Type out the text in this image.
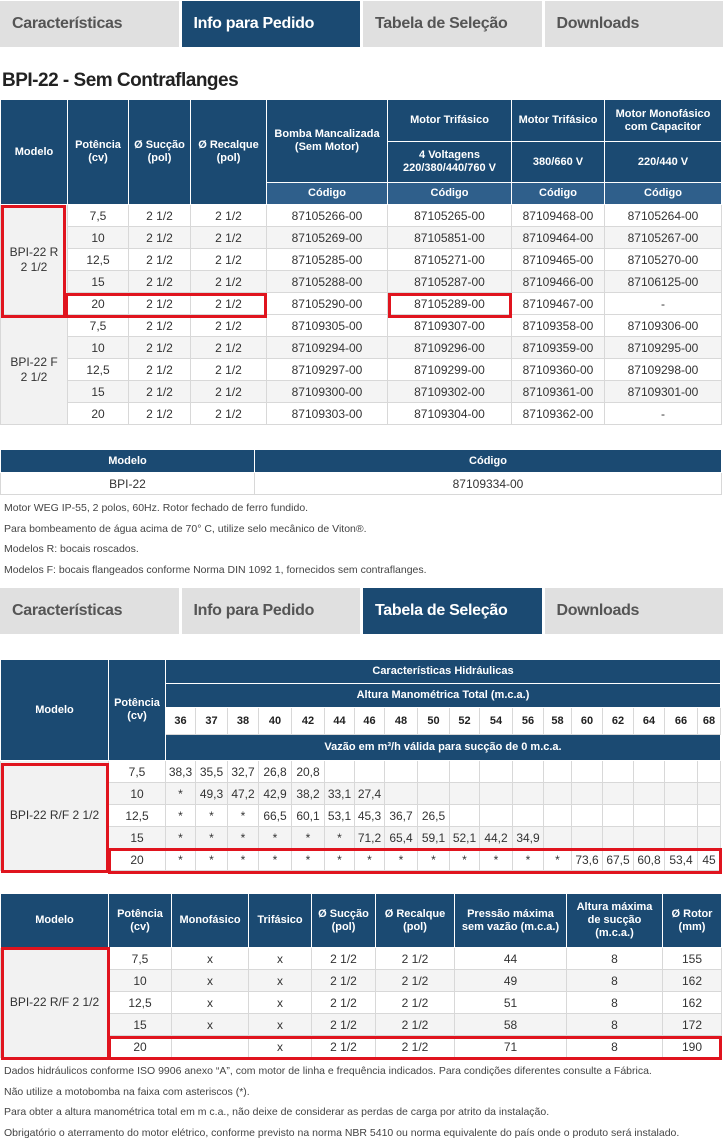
Características	Info para Pedido	Tabela de Seleção	Downloads
BPI-22 - Sem Contraflanges
Modelo	Potência (cv)	Ø Sucção (pol)	Ø Recalque (pol)	Bomba Mancalizada (Sem Motor)	Motor Trifásico	Motor Trifásico	Motor Monofásico com Capacitor
					4 Voltagens 220/380/440/760 V	380/660 V	220/440 V
				Código	Código	Código	Código
BPI-22 R
2 1/2	7,5	2 1/2	2 1/2	87105266-00	87105265-00	87109468-00	87105264-00
	10	2 1/2	2 1/2	87105269-00	87105851-00	87109464-00	87105267-00
	12,5	2 1/2	2 1/2	87105285-00	87105271-00	87109465-00	87105270-00
	15	2 1/2	2 1/2	87105288-00	87105287-00	87109466-00	87106125-00
	20	2 1/2	2 1/2	87105290-00	87105289-00	87109467-00	-
BPI-22 F
2 1/2	7,5	2 1/2	2 1/2	87109305-00	87109307-00	87109358-00	87109306-00
	10	2 1/2	2 1/2	87109294-00	87109296-00	87109359-00	87109295-00
	12,5	2 1/2	2 1/2	87109297-00	87109299-00	87109360-00	87109298-00
	15	2 1/2	2 1/2	87109300-00	87109302-00	87109361-00	87109301-00
	20	2 1/2	2 1/2	87109303-00	87109304-00	87109362-00	-
Modelo	Código
BPI-22	87109334-00
Motor WEG IP-55, 2 polos, 60Hz. Rotor fechado de ferro fundido.
Para bombeamento de água acima de 70° C, utilize selo mecânico de Viton®.
Modelos R: bocais roscados.
Modelos F: bocais flangeados conforme Norma DIN 1092 1, fornecidos sem contraflanges.
Características	Info para Pedido	Tabela de Seleção	Downloads
Modelo	Potência (cv)	Características Hidráulicas																	
		Altura Manométrica Total (m.c.a.)																	
		36	37	38	40	42	44	46	48	50	52	54	56	58	60	62	64	66	68
		Vazão em m³/h válida para sucção de 0 m.c.a.																	
BPI-22 R/F 2 1/2	7,5	38,3	35,5	32,7	26,8	20,8													
	10	*	49,3	47,2	42,9	38,2	33,1	27,4											
	12,5	*	*	*	66,5	60,1	53,1	45,3	36,7	26,5									
	15	*	*	*	*	*	*	71,2	65,4	59,1	52,1	44,2	34,9						
	20	*	*	*	*	*	*	*	*	*	*	*	*	*	73,6	67,5	60,8	53,4	45
Modelo	Potência (cv)	Monofásico	Trifásico	Ø Sucção (pol)	Ø Recalque (pol)	Pressão máxima sem vazão (m.c.a.)	Altura máxima de sucção (m.c.a.)	Ø Rotor (mm)
BPI-22 R/F 2 1/2	7,5	x	x	2 1/2	2 1/2	44	8	155
	10	x	x	2 1/2	2 1/2	49	8	162
	12,5	x	x	2 1/2	2 1/2	51	8	162
	15	x	x	2 1/2	2 1/2	58	8	172
	20		x	2 1/2	2 1/2	71	8	190
Dados hidráulicos conforme ISO 9906 anexo “A”, com motor de linha e frequência indicados. Para condições diferentes consulte a Fábrica.
Não utilize a motobomba na faixa com asteriscos (*).
Para obter a altura manométrica total em m c.a., não deixe de considerar as perdas de carga por atrito da instalação.
Obrigatório o aterramento do motor elétrico, conforme previsto na norma NBR 5410 ou norma equivalente do país onde o produto será instalado.
